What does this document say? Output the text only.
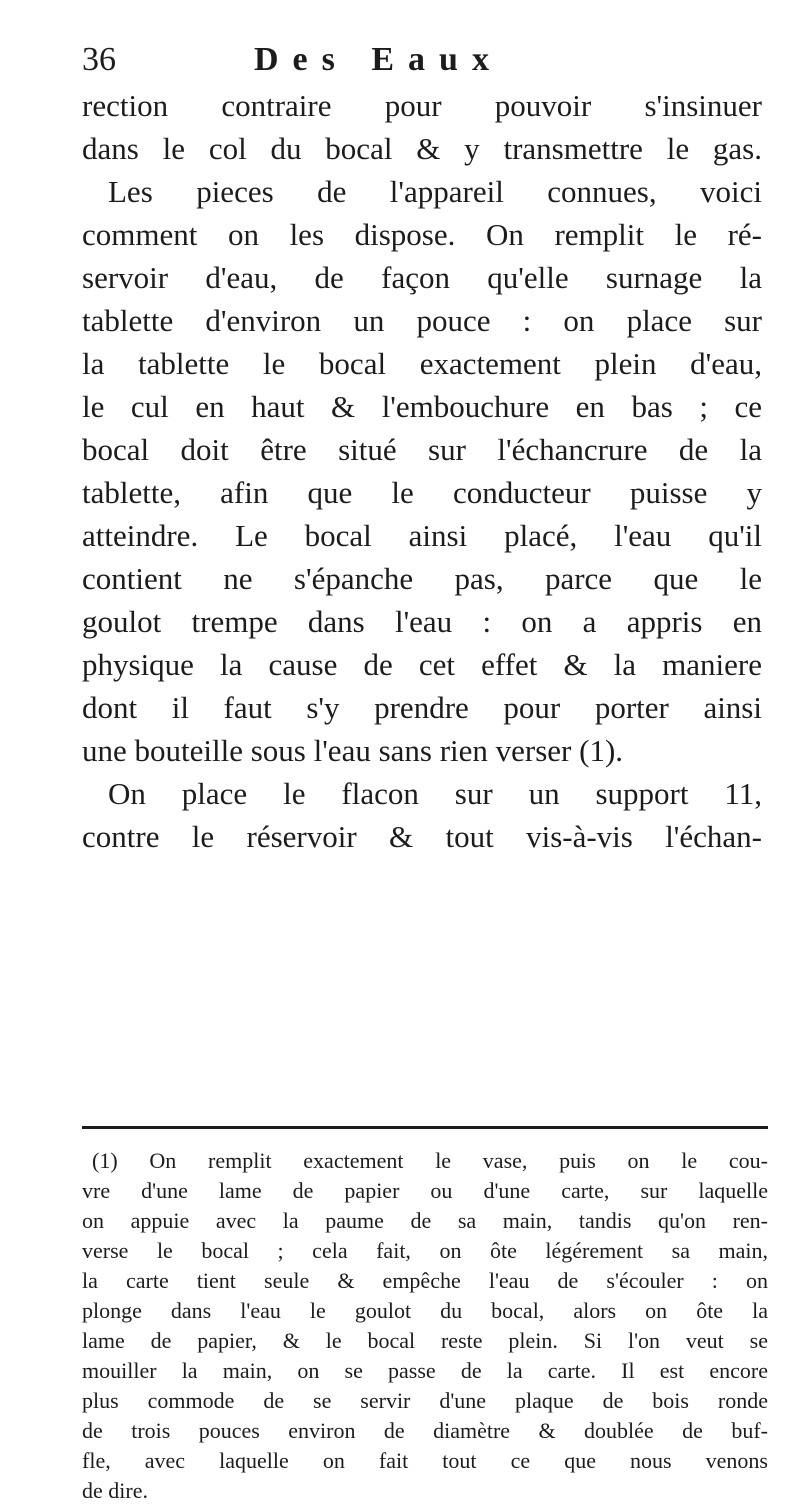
36	Des Eaux
rection contraire pour pouvoir s'insinuer
dans le col du bocal & y transmettre le gas.
Les pieces de l'appareil connues, voici
comment on les dispose. On remplit le ré-
servoir d'eau, de façon qu'elle surnage la
tablette d'environ un pouce : on place sur
la tablette le bocal exactement plein d'eau,
le cul en haut & l'embouchure en bas ; ce
bocal doit être situé sur l'échancrure de la
tablette, afin que le conducteur puisse y
atteindre. Le bocal ainsi placé, l'eau qu'il
contient ne s'épanche pas, parce que le
goulot trempe dans l'eau : on a appris en
physique la cause de cet effet & la maniere
dont il faut s'y prendre pour porter ainsi
une bouteille sous l'eau sans rien verser (1).
On place le flacon sur un support 11,
contre le réservoir & tout vis-à-vis l'échan-
(1) On remplit exactement le vase, puis on le cou-
vre d'une lame de papier ou d'une carte, sur laquelle
on appuie avec la paume de sa main, tandis qu'on ren-
verse le bocal ; cela fait, on ôte légérement sa main,
la carte tient seule & empêche l'eau de s'écouler : on
plonge dans l'eau le goulot du bocal, alors on ôte la
lame de papier, & le bocal reste plein. Si l'on veut se
mouiller la main, on se passe de la carte. Il est encore
plus commode de se servir d'une plaque de bois ronde
de trois pouces environ de diamètre & doublée de buf-
fle, avec laquelle on fait tout ce que nous venons
de dire.
